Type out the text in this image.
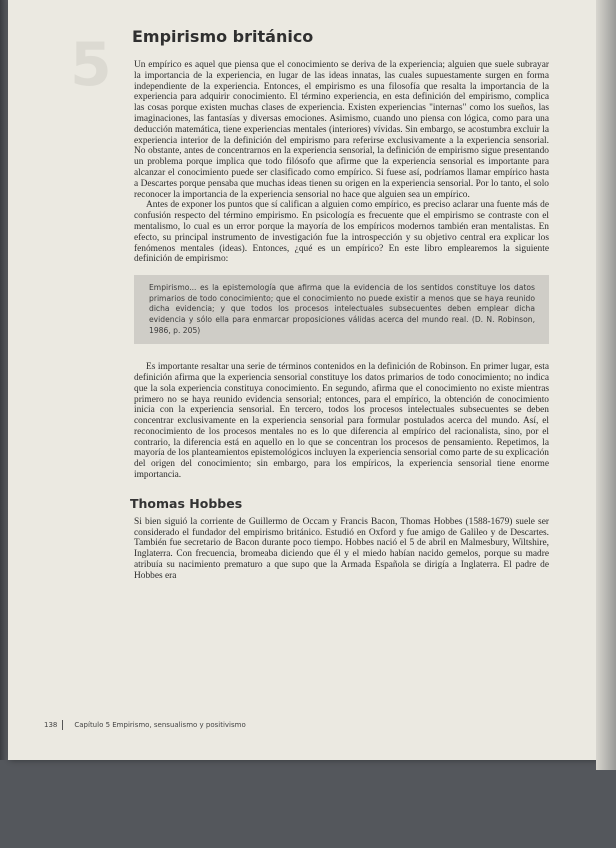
5 Empirismo británico

Un empírico es aquel que piensa que el conocimiento se deriva de la experiencia; alguien que suele subrayar la importancia de la experiencia, en lugar de las ideas innatas, las cuales supuestamente surgen en forma independiente de la experiencia. Entonces, el empirismo es una filosofía que resalta la importancia de la experiencia para adquirir conocimiento. El término experiencia, en esta definición del empirismo, complica las cosas porque existen muchas clases de experiencia. Existen experiencias "internas" como los sueños, las imaginaciones, las fantasías y diversas emociones. Asimismo, cuando uno piensa con lógica, como para una deducción matemática, tiene experiencias mentales (interiores) vívidas. Sin embargo, se acostumbra excluir la experiencia interior de la definición del empirismo para referirse exclusivamente a la experiencia sensorial. No obstante, antes de concentrarnos en la experiencia sensorial, la definición de empirismo sigue presentando un problema porque implica que todo filósofo que afirme que la experiencia sensorial es importante para alcanzar el conocimiento puede ser clasificado como empírico. Si fuese así, podríamos llamar empírico hasta a Descartes porque pensaba que muchas ideas tienen su origen en la experiencia sensorial. Por lo tanto, el solo reconocer la importancia de la experiencia sensorial no hace que alguien sea un empírico.

Antes de exponer los puntos que sí califican a alguien como empírico, es preciso aclarar una fuente más de confusión respecto del término empirismo. En psicología es frecuente que el empirismo se contraste con el mentalismo, lo cual es un error porque la mayoría de los empíricos modernos también eran mentalistas. En efecto, su principal instrumento de investigación fue la introspección y su objetivo central era explicar los fenómenos mentales (ideas). Entonces, ¿qué es un empírico? En este libro emplearemos la siguiente definición de empirismo:

Empirismo... es la epistemología que afirma que la evidencia de los sentidos constituye los datos primarios de todo conocimiento; que el conocimiento no puede existir a menos que se haya reunido dicha evidencia; y que todos los procesos intelectuales subsecuentes deben emplear dicha evidencia y sólo ella para enmarcar proposiciones válidas acerca del mundo real. (D. N. Robinson, 1986, p. 205)

Es importante resaltar una serie de términos contenidos en la definición de Robinson. En primer lugar, esta definición afirma que la experiencia sensorial constituye los datos primarios de todo conocimiento; no indica que la sola experiencia constituya conocimiento. En segundo, afirma que el conocimiento no existe mientras primero no se haya reunido evidencia sensorial; entonces, para el empírico, la obtención de conocimiento inicia con la experiencia sensorial. En tercero, todos los procesos intelectuales subsecuentes se deben concentrar exclusivamente en la experiencia sensorial para formular postulados acerca del mundo. Así, el reconocimiento de los procesos mentales no es lo que diferencia al empírico del racionalista, sino, por el contrario, la diferencia está en aquello en lo que se concentran los procesos de pensamiento. Repetimos, la mayoría de los planteamientos epistemológicos incluyen la experiencia sensorial como parte de su explicación del origen del conocimiento; sin embargo, para los empíricos, la experiencia sensorial tiene enorme importancia.

Thomas Hobbes

Si bien siguió la corriente de Guillermo de Occam y Francis Bacon, Thomas Hobbes (1588-1679) suele ser considerado el fundador del empirismo británico. Estudió en Oxford y fue amigo de Galileo y de Descartes. También fue secretario de Bacon durante poco tiempo. Hobbes nació el 5 de abril en Malmesbury, Wiltshire, Inglaterra. Con frecuencia, bromeaba diciendo que él y el miedo habían nacido gemelos, porque su madre atribuía su nacimiento prematuro a que supo que la Armada Española se dirigía a Inglaterra. El padre de Hobbes era

138 Capítulo 5 Empirismo, sensualismo y positivismo
